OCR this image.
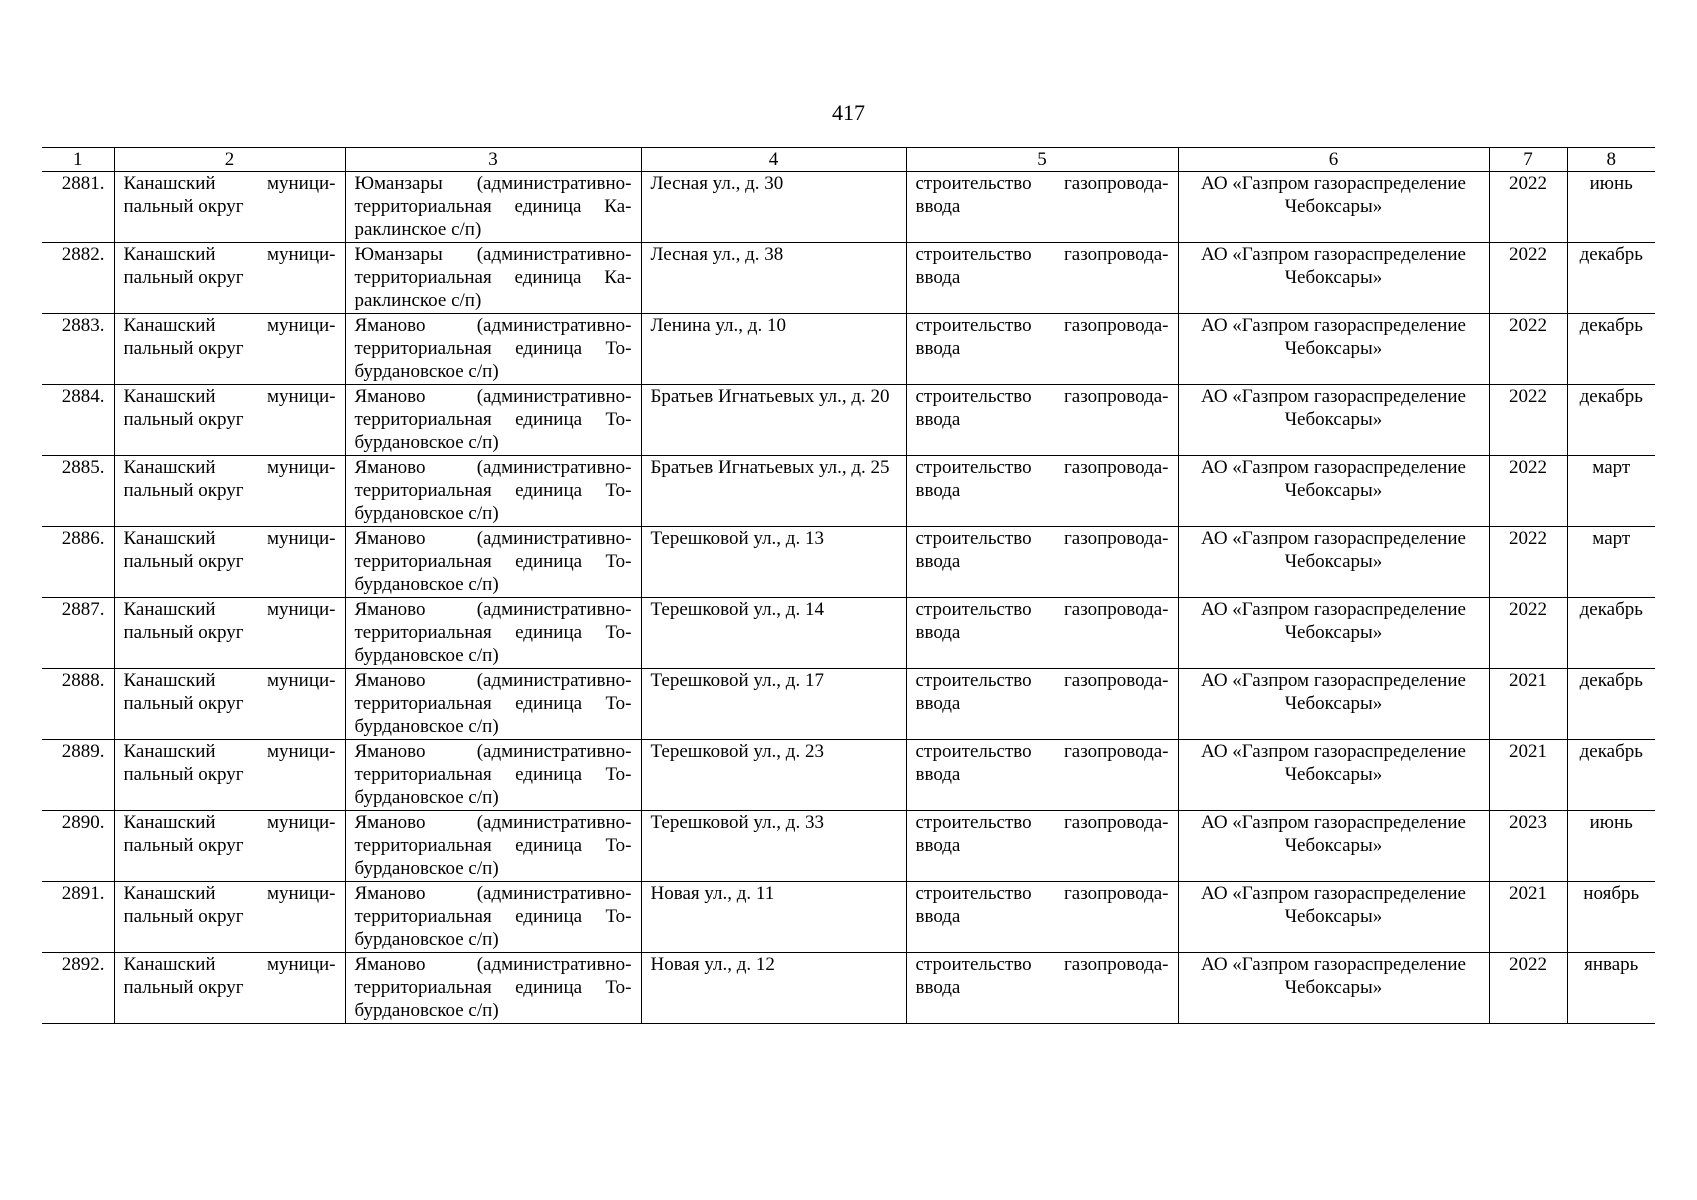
417
1	2	3	4	5	6	7	8
2881.	Канашский муници-пальный округ	Юманзары (административно-территориальная единица Ка-раклинское с/п)	Лесная ул., д. 30	строительство газопровода-ввода	АО «Газпром газораспределение Чебоксары»	2022	июнь
2882.	Канашский муници-пальный округ	Юманзары (административно-территориальная единица Ка-раклинское с/п)	Лесная ул., д. 38	строительство газопровода-ввода	АО «Газпром газораспределение Чебоксары»	2022	декабрь
2883.	Канашский муници-пальный округ	Яманово (административно-территориальная единица То-бурдановское с/п)	Ленина ул., д. 10	строительство газопровода-ввода	АО «Газпром газораспределение Чебоксары»	2022	декабрь
2884.	Канашский муници-пальный округ	Яманово (административно-территориальная единица То-бурдановское с/п)	Братьев Игнатьевых ул., д. 20	строительство газопровода-ввода	АО «Газпром газораспределение Чебоксары»	2022	декабрь
2885.	Канашский муници-пальный округ	Яманово (административно-территориальная единица То-бурдановское с/п)	Братьев Игнатьевых ул., д. 25	строительство газопровода-ввода	АО «Газпром газораспределение Чебоксары»	2022	март
2886.	Канашский муници-пальный округ	Яманово (административно-территориальная единица То-бурдановское с/п)	Терешковой ул., д. 13	строительство газопровода-ввода	АО «Газпром газораспределение Чебоксары»	2022	март
2887.	Канашский муници-пальный округ	Яманово (административно-территориальная единица То-бурдановское с/п)	Терешковой ул., д. 14	строительство газопровода-ввода	АО «Газпром газораспределение Чебоксары»	2022	декабрь
2888.	Канашский муници-пальный округ	Яманово (административно-территориальная единица То-бурдановское с/п)	Терешковой ул., д. 17	строительство газопровода-ввода	АО «Газпром газораспределение Чебоксары»	2021	декабрь
2889.	Канашский муници-пальный округ	Яманово (административно-территориальная единица То-бурдановское с/п)	Терешковой ул., д. 23	строительство газопровода-ввода	АО «Газпром газораспределение Чебоксары»	2021	декабрь
2890.	Канашский муници-пальный округ	Яманово (административно-территориальная единица То-бурдановское с/п)	Терешковой ул., д. 33	строительство газопровода-ввода	АО «Газпром газораспределение Чебоксары»	2023	июнь
2891.	Канашский муници-пальный округ	Яманово (административно-территориальная единица То-бурдановское с/п)	Новая ул., д. 11	строительство газопровода-ввода	АО «Газпром газораспределение Чебоксары»	2021	ноябрь
2892.	Канашский муници-пальный округ	Яманово (административно-территориальная единица То-бурдановское с/п)	Новая ул., д. 12	строительство газопровода-ввода	АО «Газпром газораспределение Чебоксары»	2022	январь
